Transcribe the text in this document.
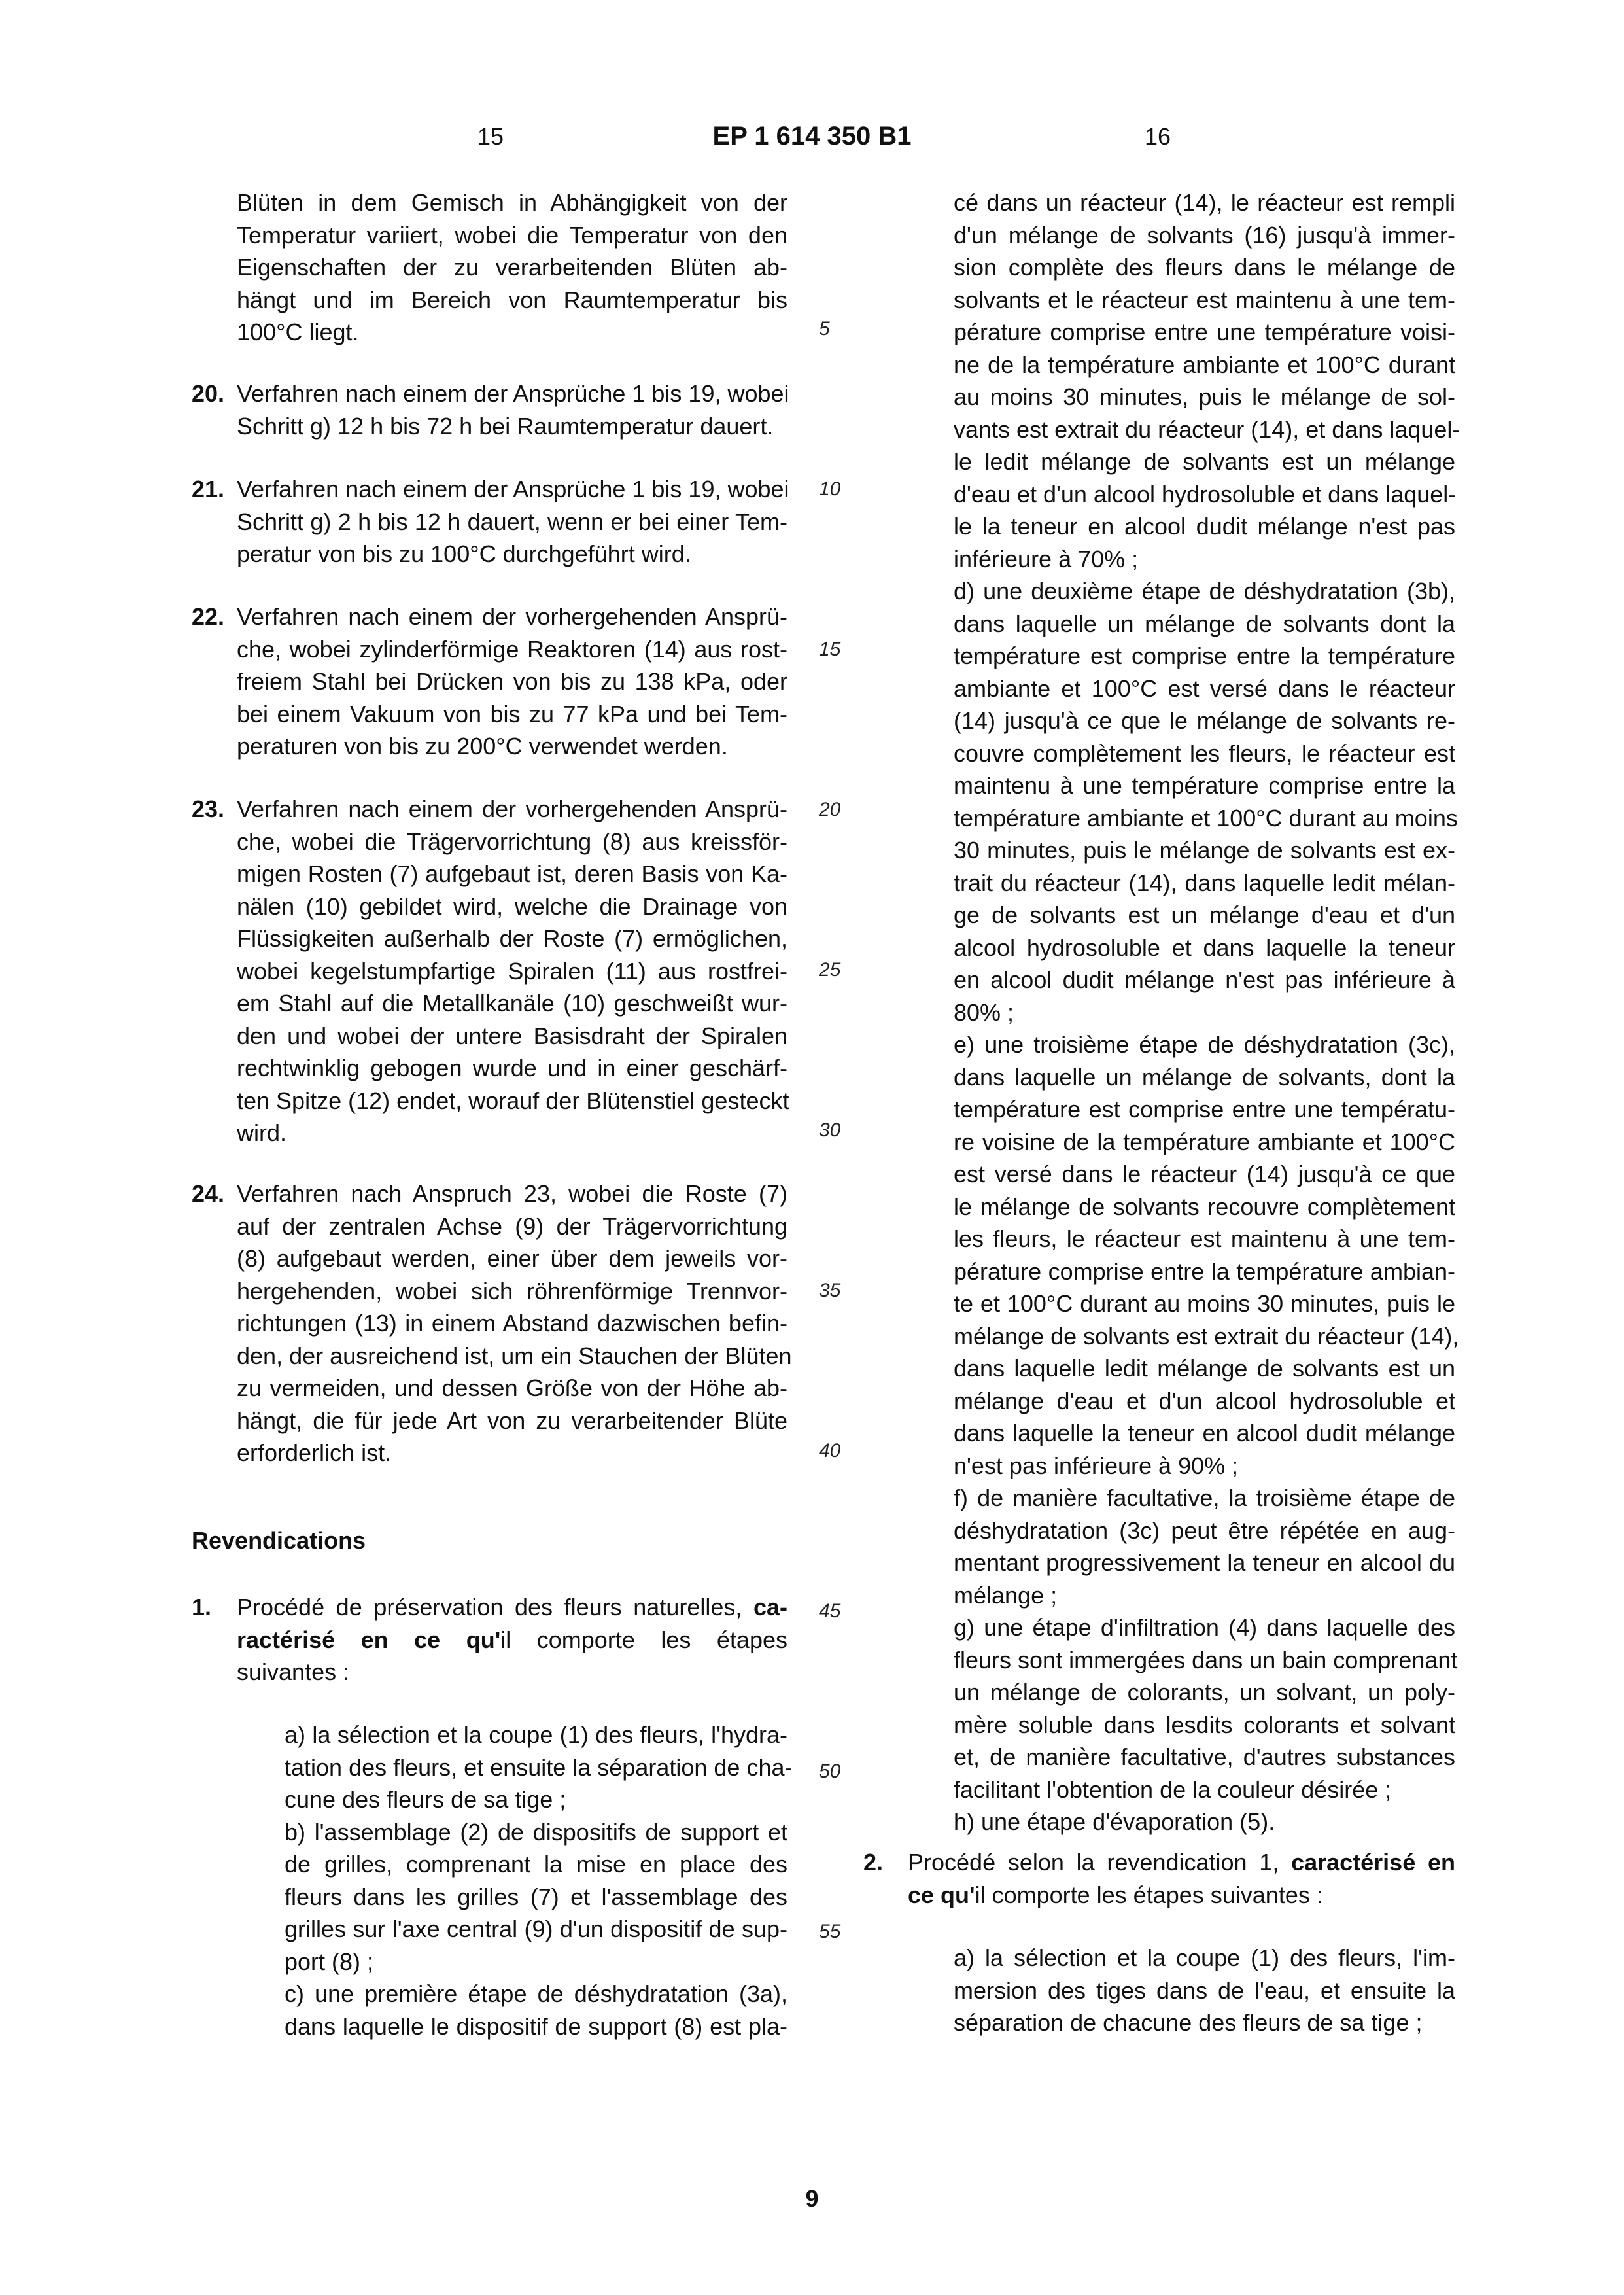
15	EP 1 614 350 B1	16
Blüten in dem Gemisch in Abhängigkeit von der
Temperatur variiert, wobei die Temperatur von den
Eigenschaften der zu verarbeitenden Blüten ab-
hängt und im Bereich von Raumtemperatur bis
100°C liegt.
20. Verfahren nach einem der Ansprüche 1 bis 19, wobei
Schritt g) 12 h bis 72 h bei Raumtemperatur dauert.
21. Verfahren nach einem der Ansprüche 1 bis 19, wobei
Schritt g) 2 h bis 12 h dauert, wenn er bei einer Tem-
peratur von bis zu 100°C durchgeführt wird.
22. Verfahren nach einem der vorhergehenden Ansprü-
che, wobei zylinderförmige Reaktoren (14) aus rost-
freiem Stahl bei Drücken von bis zu 138 kPa, oder
bei einem Vakuum von bis zu 77 kPa und bei Tem-
peraturen von bis zu 200°C verwendet werden.
23. Verfahren nach einem der vorhergehenden Ansprü-
che, wobei die Trägervorrichtung (8) aus kreissför-
migen Rosten (7) aufgebaut ist, deren Basis von Ka-
nälen (10) gebildet wird, welche die Drainage von
Flüssigkeiten außerhalb der Roste (7) ermöglichen,
wobei kegelstumpfartige Spiralen (11) aus rostfrei-
em Stahl auf die Metallkanäle (10) geschweißt wur-
den und wobei der untere Basisdraht der Spiralen
rechtwinklig gebogen wurde und in einer geschärf-
ten Spitze (12) endet, worauf der Blütenstiel gesteckt
wird.
24. Verfahren nach Anspruch 23, wobei die Roste (7)
auf der zentralen Achse (9) der Trägervorrichtung
(8) aufgebaut werden, einer über dem jeweils vor-
hergehenden, wobei sich röhrenförmige Trennvor-
richtungen (13) in einem Abstand dazwischen befin-
den, der ausreichend ist, um ein Stauchen der Blüten
zu vermeiden, und dessen Größe von der Höhe ab-
hängt, die für jede Art von zu verarbeitender Blüte
erforderlich ist.
Revendications
1. Procédé de préservation des fleurs naturelles, ca-
ractérisé en ce qu'il comporte les étapes
suivantes :
a) la sélection et la coupe (1) des fleurs, l'hydra-
tation des fleurs, et ensuite la séparation de cha-
cune des fleurs de sa tige ;
b) l'assemblage (2) de dispositifs de support et
de grilles, comprenant la mise en place des
fleurs dans les grilles (7) et l'assemblage des
grilles sur l'axe central (9) d'un dispositif de sup-
port (8) ;
c) une première étape de déshydratation (3a),
dans laquelle le dispositif de support (8) est pla-
5
10
15
20
25
30
35
40
45
50
55
cé dans un réacteur (14), le réacteur est rempli
d'un mélange de solvants (16) jusqu'à immer-
sion complète des fleurs dans le mélange de
solvants et le réacteur est maintenu à une tem-
pérature comprise entre une température voisi-
ne de la température ambiante et 100°C durant
au moins 30 minutes, puis le mélange de sol-
vants est extrait du réacteur (14), et dans laquel-
le ledit mélange de solvants est un mélange
d'eau et d'un alcool hydrosoluble et dans laquel-
le la teneur en alcool dudit mélange n'est pas
inférieure à 70% ;
d) une deuxième étape de déshydratation (3b),
dans laquelle un mélange de solvants dont la
température est comprise entre la température
ambiante et 100°C est versé dans le réacteur
(14) jusqu'à ce que le mélange de solvants re-
couvre complètement les fleurs, le réacteur est
maintenu à une température comprise entre la
température ambiante et 100°C durant au moins
30 minutes, puis le mélange de solvants est ex-
trait du réacteur (14), dans laquelle ledit mélan-
ge de solvants est un mélange d'eau et d'un
alcool hydrosoluble et dans laquelle la teneur
en alcool dudit mélange n'est pas inférieure à
80% ;
e) une troisième étape de déshydratation (3c),
dans laquelle un mélange de solvants, dont la
température est comprise entre une températu-
re voisine de la température ambiante et 100°C
est versé dans le réacteur (14) jusqu'à ce que
le mélange de solvants recouvre complètement
les fleurs, le réacteur est maintenu à une tem-
pérature comprise entre la température ambian-
te et 100°C durant au moins 30 minutes, puis le
mélange de solvants est extrait du réacteur (14),
dans laquelle ledit mélange de solvants est un
mélange d'eau et d'un alcool hydrosoluble et
dans laquelle la teneur en alcool dudit mélange
n'est pas inférieure à 90% ;
f) de manière facultative, la troisième étape de
déshydratation (3c) peut être répétée en aug-
mentant progressivement la teneur en alcool du
mélange ;
g) une étape d'infiltration (4) dans laquelle des
fleurs sont immergées dans un bain comprenant
un mélange de colorants, un solvant, un poly-
mère soluble dans lesdits colorants et solvant
et, de manière facultative, d'autres substances
facilitant l'obtention de la couleur désirée ;
h) une étape d'évaporation (5).
2. Procédé selon la revendication 1, caractérisé en
ce qu'il comporte les étapes suivantes :
a) la sélection et la coupe (1) des fleurs, l'im-
mersion des tiges dans de l'eau, et ensuite la
séparation de chacune des fleurs de sa tige ;
9
